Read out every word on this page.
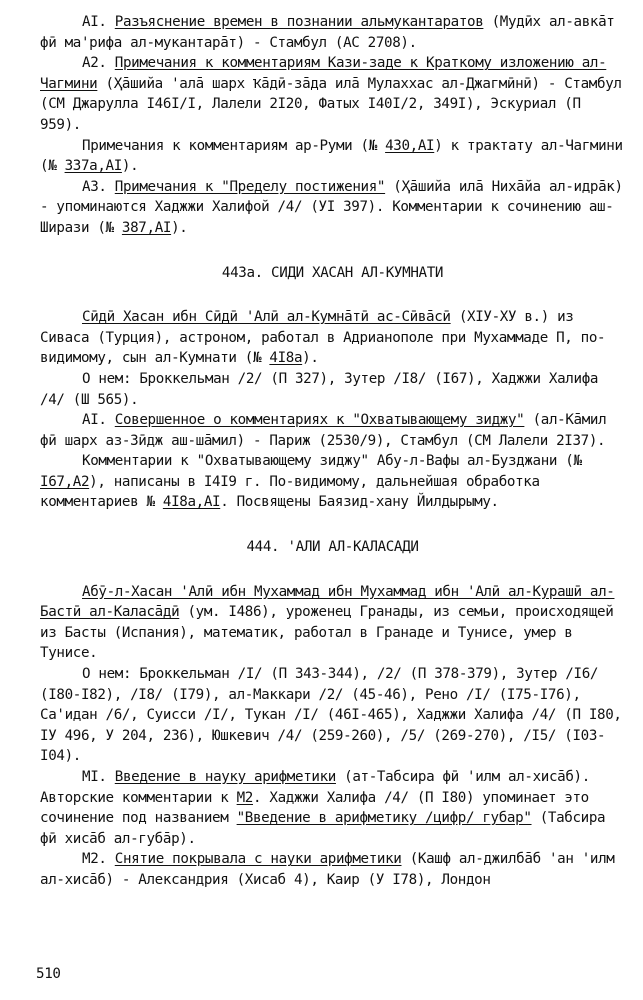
AI. Разъяснение времен в познании альмукантаратов (Мудӣх ал-авкāт фӣ ма'рифа ал-мукантарāт) - Стамбул (АС 2708).

А2. Примечания к комментариям Кази-заде к Краткому изложению ал-Чагмини (Ҳāшийа 'алā шарх Ҡāдӣ-зāда илā Мулаххас ал-Джагмӣнӣ) - Стамбул (СМ Джарулла I46I/I, Лалели 2I20, Фатых I40I/2, 349I), Эскуриал (П 959).

Примечания к комментариям ар-Руми (№ 430,AI) к трактату ал-Чагмини (№ 337а,AI).

А3. Примечания к "Пределу постижения" (Ҳāшийа илā Нихāйа ал-идрāк) - упоминаются Хаджжи Халифой /4/ (УI 397). Комментарии к сочинению аш-Ширази (№ 387,AI).

443а. СИДИ ХАСАН АЛ-КУМНАТИ

Сӣдӣ Хасан ибн Сӣдӣ 'Алӣ ал-Кумнāтӣ ас-Сӣвāсӣ (XIУ-XУ в.) из Сиваса (Турция), астроном, работал в Адрианополе при Мухаммаде П, по-видимому, сын ал-Кумнати (№ 4I8а).

О нем: Броккельман /2/ (П 327), Зутер /I8/ (I67), Хаджжи Халифа /4/ (Ш 565).

AI. Совершенное о комментариях к "Охватывающему зиджу" (ал-Кāмил фӣ шарх аз-Зӣдж аш-шāмил) - Париж (2530/9), Стамбул (СМ Лалели 2I37).

Комментарии к "Охватывающему зиджу" Абу-л-Вафы ал-Бузджани (№ I67,А2), написаны в I4I9 г. По-видимому, дальнейшая обработка комментариев № 4I8а,AI. Посвящены Баязид-хану Йилдырыму.

444. 'АЛИ АЛ-КАЛАСАДИ

Абӯ-л-Хасан 'Алӣ ибн Мухаммад ибн Мухаммад ибн 'Алӣ ал-Курашӣ ал-Бастӣ ал-Каласāдӣ (ум. I486), уроженец Гранады, из семьи, происходящей из Басты (Испания), математик, работал в Гранаде и Тунисе, умер в Тунисе.

О нем: Броккельман /I/ (П 343-344), /2/ (П 378-379), Зутер /I6/ (I80-I82), /I8/ (I79), ал-Маккари /2/ (45-46), Рено /I/ (I75-I76), Са'идан /6/, Суисси /I/, Тукан /I/ (46I-465), Хаджжи Халифа /4/ (П I80, IУ 496, У 204, 236), Юшкевич /4/ (259-260), /5/ (269-270), /I5/ (I03-I04).

МI. Введение в науку арифметики (ат-Табсира фӣ 'илм ал-хисāб). Авторские комментарии к М2. Хаджжи Халифа /4/ (П I80) упоминает это сочинение под названием "Введение в арифметику /цифр/ губар" (Табсира фӣ хисāб ал-губāр).

М2. Снятие покрывала с науки арифметики (Кашф ал-джилбāб 'ан 'илм ал-хисāб) - Александрия (Хисаб 4), Каир (У I78), Лондон

510
